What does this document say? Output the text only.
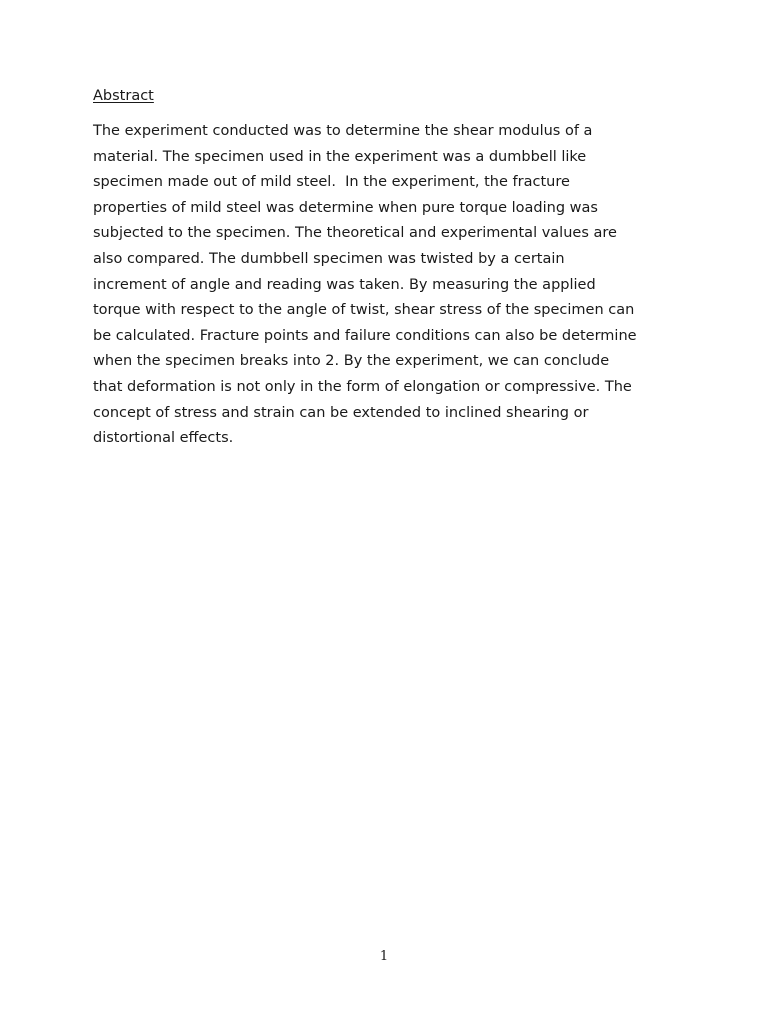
Abstract

The experiment conducted was to determine the shear modulus of a
material. The specimen used in the experiment was a dumbbell like
specimen made out of mild steel.  In the experiment, the fracture
properties of mild steel was determine when pure torque loading was
subjected to the specimen. The theoretical and experimental values are
also compared. The dumbbell specimen was twisted by a certain
increment of angle and reading was taken. By measuring the applied
torque with respect to the angle of twist, shear stress of the specimen can
be calculated. Fracture points and failure conditions can also be determine
when the specimen breaks into 2. By the experiment, we can conclude
that deformation is not only in the form of elongation or compressive. The
concept of stress and strain can be extended to inclined shearing or
distortional effects.

1
